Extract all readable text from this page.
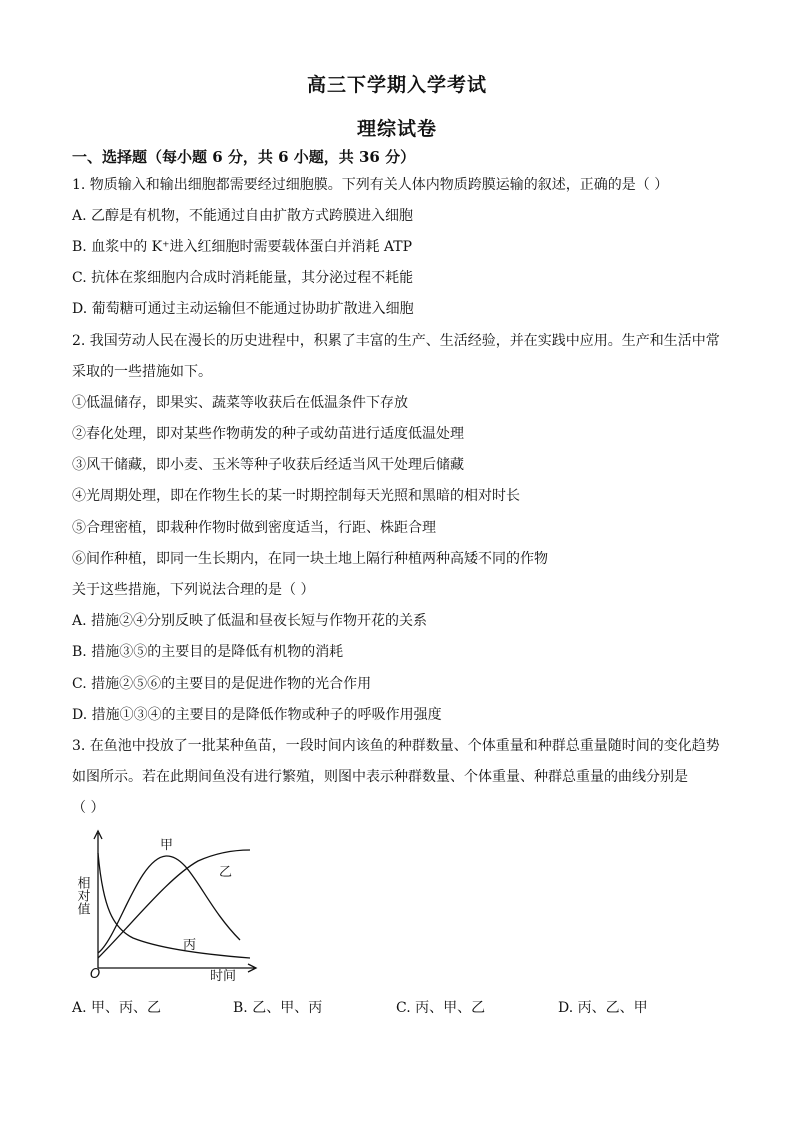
高三下学期入学考试
理综试卷
一、选择题（每小题 6 分，共 6 小题，共 36 分）
1. 物质输入和输出细胞都需要经过细胞膜。下列有关人体内物质跨膜运输的叙述，正确的是（ ）
A. 乙醇是有机物，不能通过自由扩散方式跨膜进入细胞
B. 血浆中的 K⁺进入红细胞时需要载体蛋白并消耗 ATP
C. 抗体在浆细胞内合成时消耗能量，其分泌过程不耗能
D. 葡萄糖可通过主动运输但不能通过协助扩散进入细胞
2. 我国劳动人民在漫长的历史进程中，积累了丰富的生产、生活经验，并在实践中应用。生产和生活中常
采取的一些措施如下。
①低温储存，即果实、蔬菜等收获后在低温条件下存放
②春化处理，即对某些作物萌发的种子或幼苗进行适度低温处理
③风干储藏，即小麦、玉米等种子收获后经适当风干处理后储藏
④光周期处理，即在作物生长的某一时期控制每天光照和黑暗的相对时长
⑤合理密植，即栽种作物时做到密度适当，行距、株距合理
⑥间作种植，即同一生长期内，在同一块土地上隔行种植两种高矮不同的作物
关于这些措施，下列说法合理的是（ ）
A. 措施②④分别反映了低温和昼夜长短与作物开花的关系
B. 措施③⑤的主要目的是降低有机物的消耗
C. 措施②⑤⑥的主要目的是促进作物的光合作用
D. 措施①③④的主要目的是降低作物或种子的呼吸作用强度
3. 在鱼池中投放了一批某种鱼苗，一段时间内该鱼的种群数量、个体重量和种群总重量随时间的变化趋势
如图所示。若在此期间鱼没有进行繁殖，则图中表示种群数量、个体重量、种群总重量的曲线分别是
（ ）
相对值
时间
O
甲
乙
丙
A. 甲、丙、乙	B. 乙、甲、丙	C. 丙、甲、乙	D. 丙、乙、甲
